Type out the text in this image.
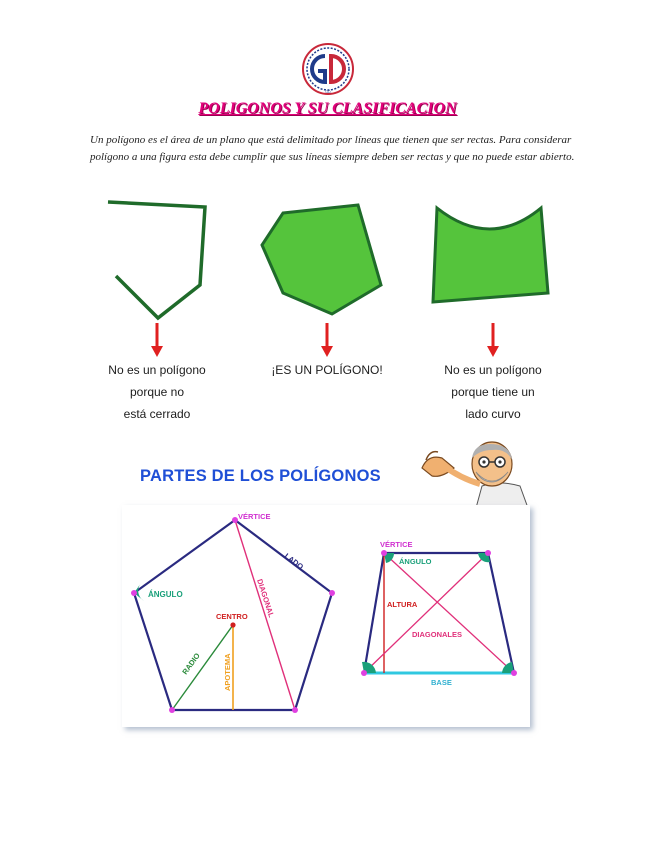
GD
POLIGONOS Y SU CLASIFICACION
Un polígono es el área de un plano que está delimitado por líneas que tienen que ser rectas. Para considerar polígono a una figura esta debe cumplir que sus líneas siempre deben ser rectas y que no puede estar abierto.
No es un polígono
porque no
está cerrado
¡ES UN POLÍGONO!	No es un polígono
porque tiene un
lado curvo
PARTES DE LOS POLÍGONOS
VÉRTICE
LADO
ÁNGULO	DIAGONAL
CENTRO
RADIO	APOTEMA
VÉRTICE
ÁNGULO
ALTURA
DIAGONALES
BASE
